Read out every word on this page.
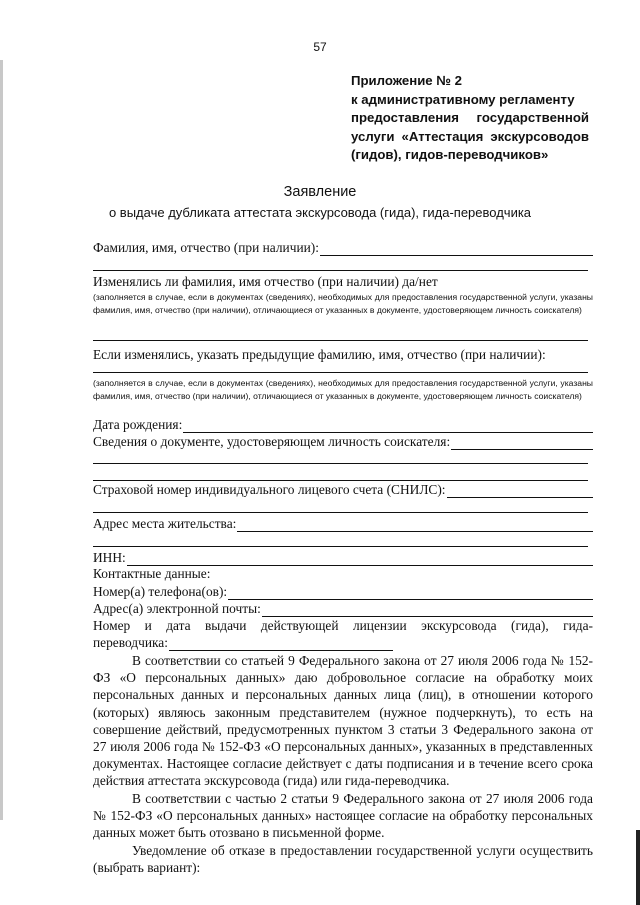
57
Приложение № 2
к административному регламенту
предоставления государственной
услуги «Аттестация экскурсоводов
(гидов), гидов-переводчиков»
Заявление
о выдаче дубликата аттестата экскурсовода (гида), гида-переводчика
Фамилия, имя, отчество (при наличии):
Изменялись ли фамилия, имя отчество (при наличии) да/нет
(заполняется в случае, если в документах (сведениях), необходимых для предоставления государственной услуги, указаны фамилия, имя, отчество (при наличии), отличающиеся от указанных в документе, удостоверяющем личность соискателя)
Если изменялись, указать предыдущие фамилию, имя, отчество (при наличии):
(заполняется в случае, если в документах (сведениях), необходимых для предоставления государственной услуги, указаны фамилия, имя, отчество (при наличии), отличающиеся от указанных в документе, удостоверяющем личность соискателя)
Дата рождения:
Сведения о документе, удостоверяющем личность соискателя:
Страховой номер индивидуального лицевого счета (СНИЛС):
Адрес места жительства:
ИНН:
Контактные данные:
Номер(а) телефона(ов):
Адрес(а) электронной почты:
Номер и дата выдачи действующей лицензии экскурсовода (гида), гида-
переводчика:
В соответствии со статьей 9 Федерального закона от 27 июля 2006 года № 152-ФЗ «О персональных данных» даю добровольное согласие на обработку моих персональных данных и персональных данных лица (лиц), в отношении которого (которых) являюсь законным представителем (нужное подчеркнуть), то есть на совершение действий, предусмотренных пунктом 3 статьи 3 Федерального закона от 27 июля 2006 года № 152-ФЗ «О персональных данных», указанных в представленных документах. Настоящее согласие действует с даты подписания и в течение всего срока действия аттестата экскурсовода (гида) или гида-переводчика.
В соответствии с частью 2 статьи 9 Федерального закона от 27 июля 2006 года № 152-ФЗ «О персональных данных» настоящее согласие на обработку персональных данных может быть отозвано в письменной форме.
Уведомление об отказе в предоставлении государственной услуги осуществить (выбрать вариант):
